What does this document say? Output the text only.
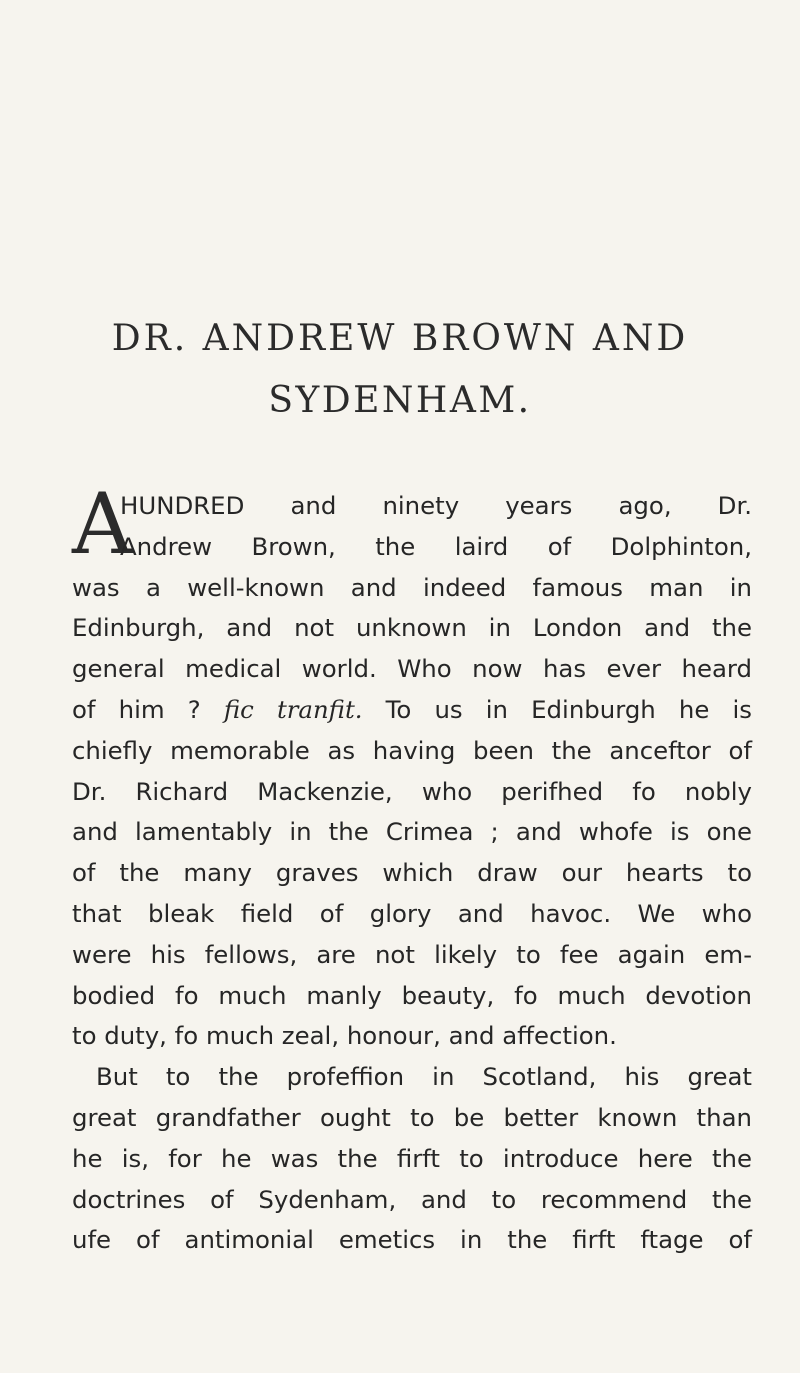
DR. ANDREW BROWN AND
SYDENHAM.
A
HUNDRED and ninety years ago, Dr.
Andrew Brown, the laird of Dolphinton,
was a well-known and indeed famous man in
Edinburgh, and not unknown in London and the
general medical world. Who now has ever heard
of him ? fic tranfit. To us in Edinburgh he is
chiefly memorable as having been the anceftor of
Dr. Richard Mackenzie, who perifhed fo nobly
and lamentably in the Crimea ; and whofe is one
of the many graves which draw our hearts to
that bleak field of glory and havoc. We who
were his fellows, are not likely to fee again em-
bodied fo much manly beauty, fo much devotion
to duty, fo much zeal, honour, and affection.
But to the profeffion in Scotland, his great
great grandfather ought to be better known than
he is, for he was the firft to introduce here the
doctrines of Sydenham, and to recommend the
ufe of antimonial emetics in the firft ftage of
